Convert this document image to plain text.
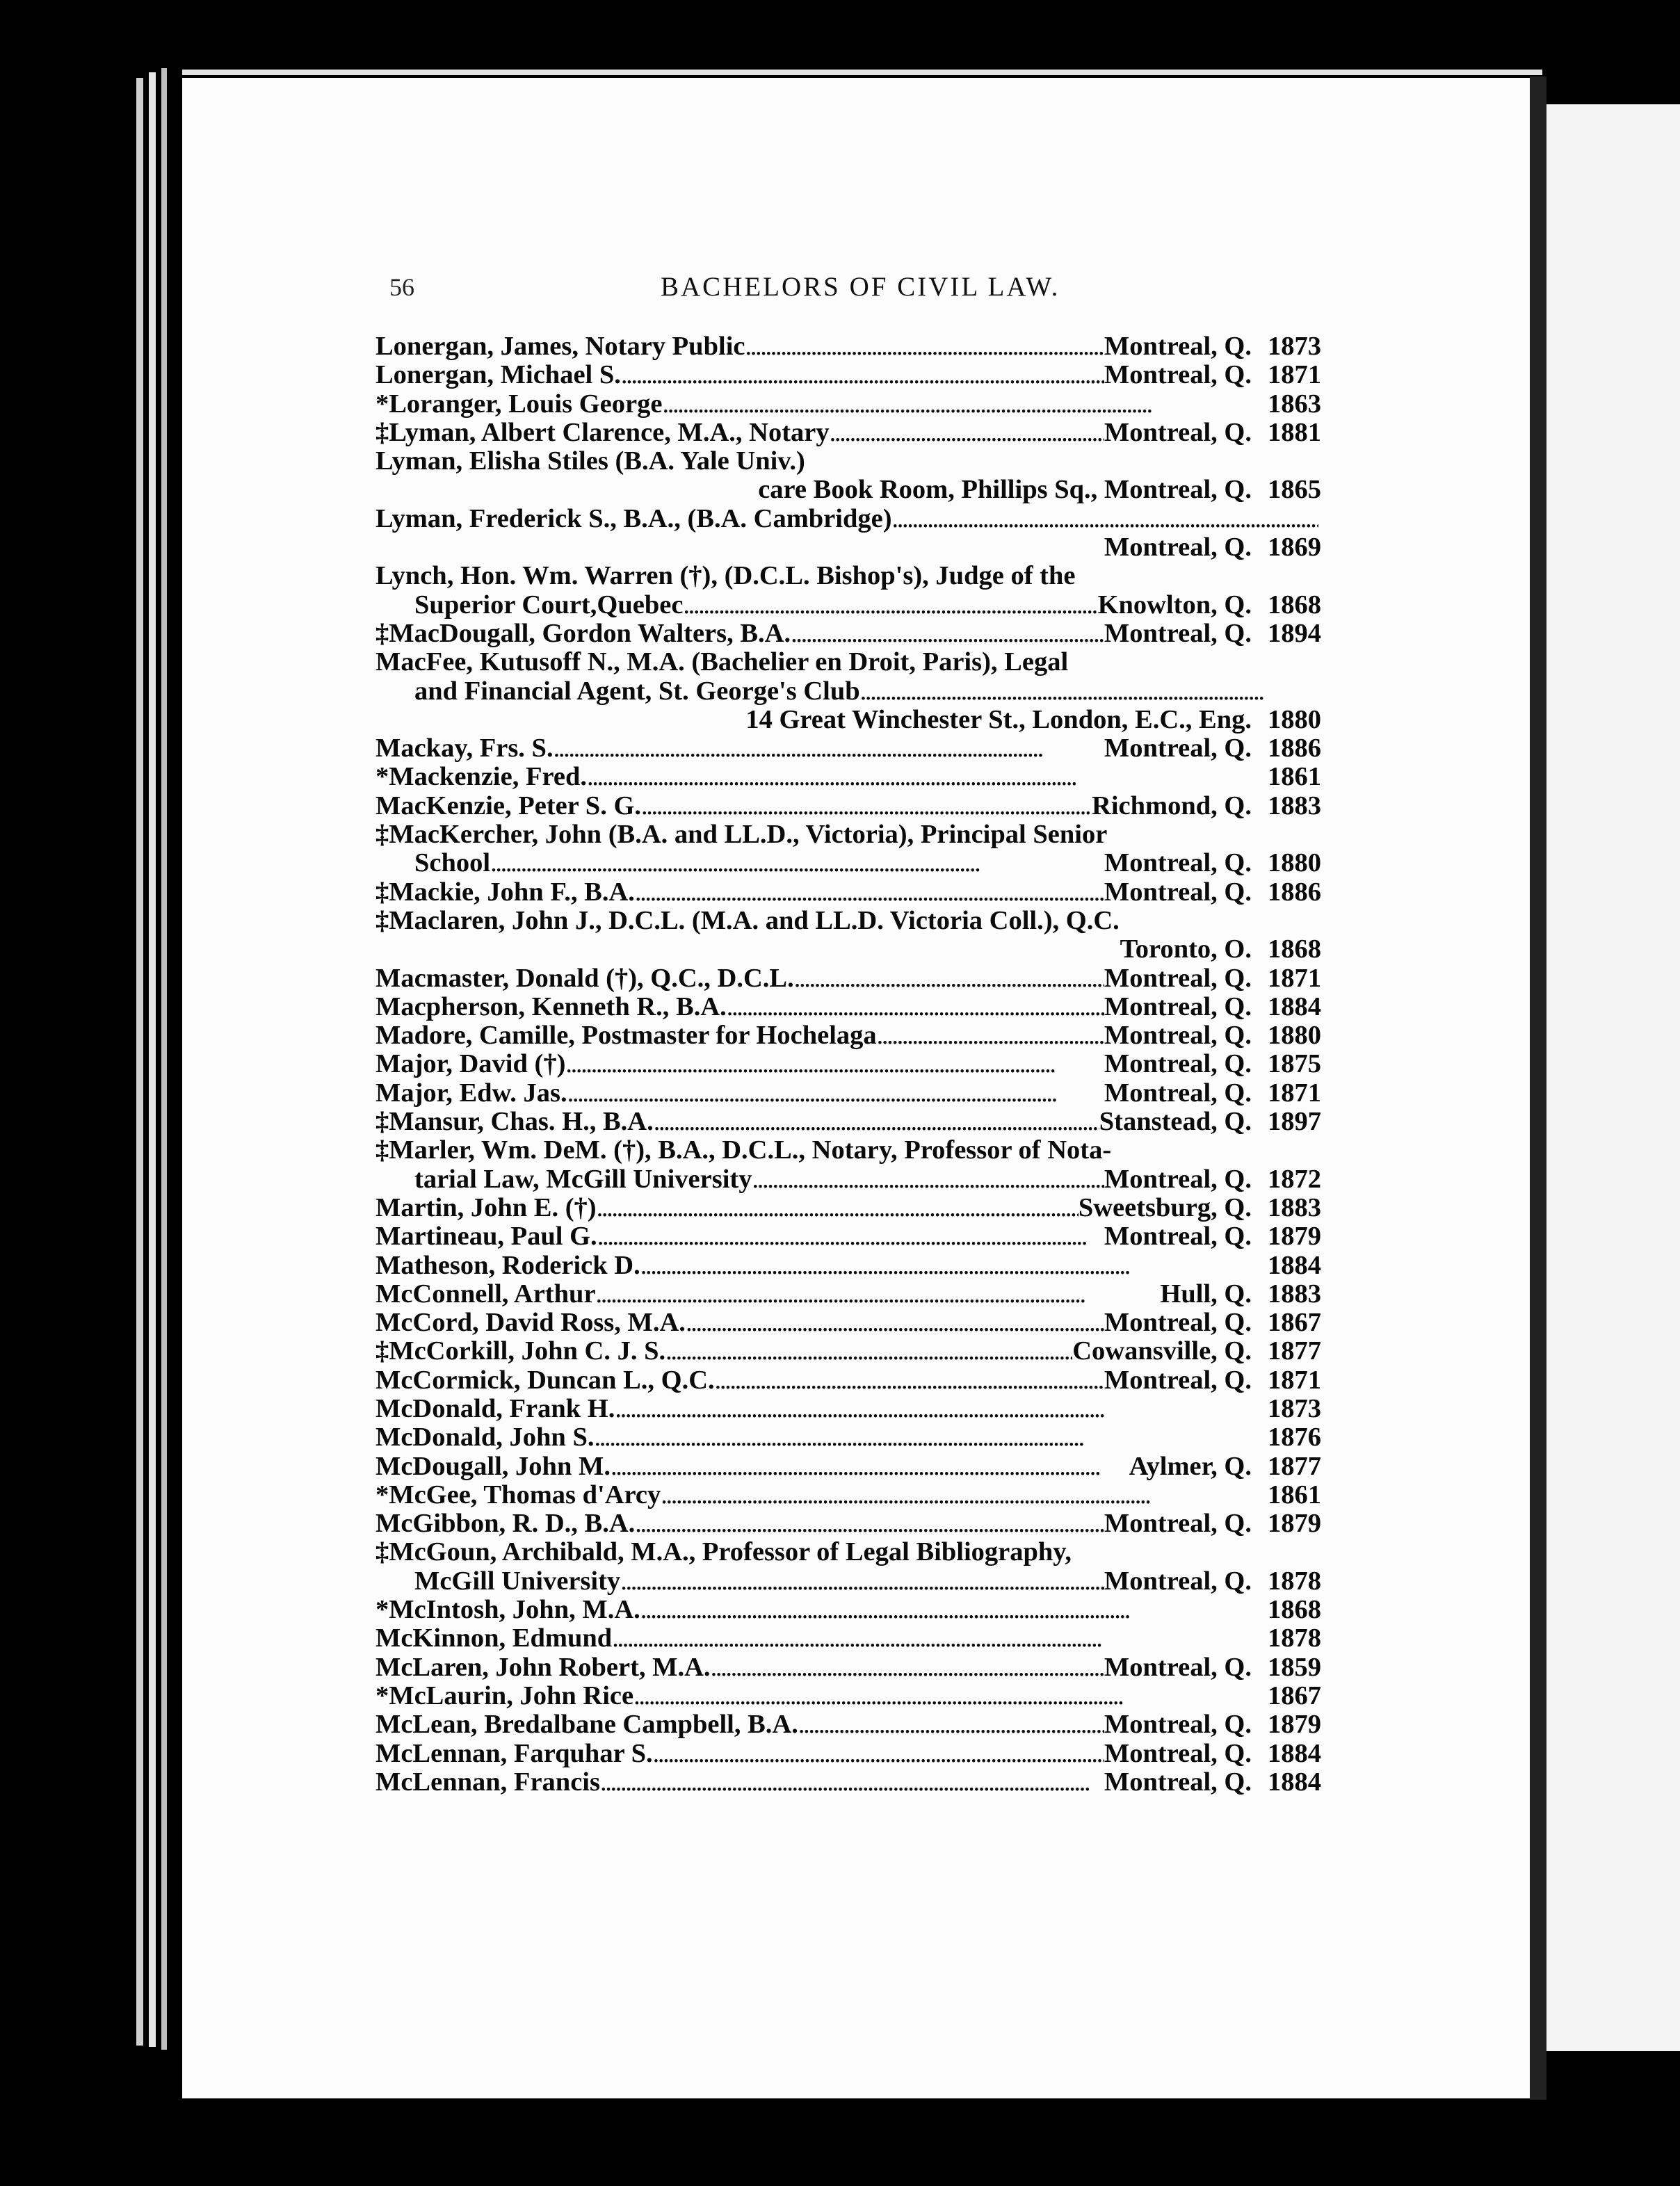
56	BACHELORS OF CIVIL LAW.
Lonergan, James, Notary Public . . .	Montreal, Q. 1873
Lonergan, Michael S. . . .	Montreal, Q. 1871
*Loranger, Louis George . . .	1863
‡Lyman, Albert Clarence, M.A., Notary . . .	Montreal, Q. 1881
Lyman, Elisha Stiles (B.A. Yale Univ.)
care Book Room, Phillips Sq., Montreal, Q. 1865
Lyman, Frederick S., B.A., (B.A. Cambridge)
. . .
Montreal, Q. 1869
Lynch, Hon. Wm. Warren (†), (D.C.L. Bishop's), Judge of the
Superior Court,Quebec . . .	Knowlton, Q. 1868
‡MacDougall, Gordon Walters, B.A. . . .	Montreal, Q. 1894
MacFee, Kutusoff N., M.A. (Bachelier en Droit, Paris), Legal
and Financial Agent, St. George's Club
. . .
14 Great Winchester St., London, E.C., Eng. 1880
Mackay, Frs. S. . . .	Montreal, Q. 1886
*Mackenzie, Fred. . . .	1861
MacKenzie, Peter S. G. . . .	Richmond, Q. 1883
‡MacKercher, John (B.A. and LL.D., Victoria), Principal Senior
School . . .	Montreal, Q. 1880
‡Mackie, John F., B.A. . . .	Montreal, Q. 1886
‡Maclaren, John J., D.C.L. (M.A. and LL.D. Victoria Coll.), Q.C.
Toronto, O. 1868
Macmaster, Donald (†), Q.C., D.C.L. . . .	Montreal, Q. 1871
Macpherson, Kenneth R., B.A. . . .	Montreal, Q. 1884
Madore, Camille, Postmaster for Hochelaga . . .	Montreal, Q. 1880
Major, David (†) . . .	Montreal, Q. 1875
Major, Edw. Jas. . . .	Montreal, Q. 1871
‡Mansur, Chas. H., B.A. . . .	Stanstead, Q. 1897
‡Marler, Wm. DeM. (†), B.A., D.C.L., Notary, Professor of Nota-
tarial Law, McGill University . . .	Montreal, Q. 1872
Martin, John E. (†) . . .	Sweetsburg, Q. 1883
Martineau, Paul G. . . .	Montreal, Q. 1879
Matheson, Roderick D. . . .	1884
McConnell, Arthur . . .	Hull, Q. 1883
McCord, David Ross, M.A. . . .	Montreal, Q. 1867
‡McCorkill, John C. J. S. . . .	Cowansville, Q. 1877
McCormick, Duncan L., Q.C. . . .	Montreal, Q. 1871
McDonald, Frank H. . . .	1873
McDonald, John S. . . .	1876
McDougall, John M. . . .	Aylmer, Q. 1877
*McGee, Thomas d'Arcy . . .	1861
McGibbon, R. D., B.A. . . .	Montreal, Q. 1879
‡McGoun, Archibald, M.A., Professor of Legal Bibliography,
McGill University . . .	Montreal, Q. 1878
*McIntosh, John, M.A. . . .	1868
McKinnon, Edmund . . .	1878
McLaren, John Robert, M.A. . . .	Montreal, Q. 1859
*McLaurin, John Rice . . .	1867
McLean, Bredalbane Campbell, B.A. . . .	Montreal, Q. 1879
McLennan, Farquhar S. . . .	Montreal, Q. 1884
McLennan, Francis . . .	Montreal, Q. 1884
